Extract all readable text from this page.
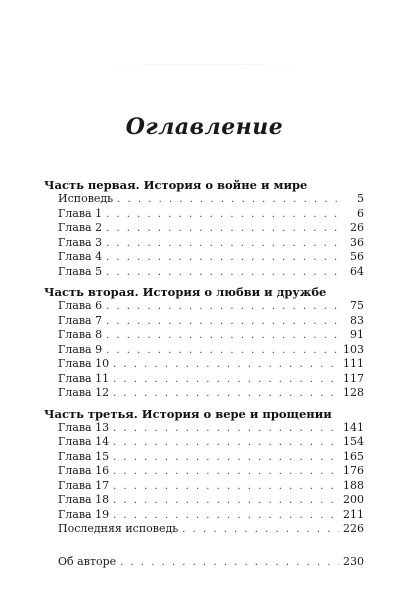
Оглавление
Часть первая. История о войне и мире
Исповедь . . .	5
Глава 1 . . .	6
Глава 2 . . .	26
Глава 3 . . .	36
Глава 4 . . .	56
Глава 5 . . .	64
Часть вторая. История о любви и дружбе
Глава 6 . . .	75
Глава 7 . . .	83
Глава 8 . . .	91
Глава 9 . . .	103
Глава 10 . . .	111
Глава 11 . . .	117
Глава 12 . . .	128
Часть третья. История о вере и прощении
Глава 13 . . .	141
Глава 14 . . .	154
Глава 15 . . .	165
Глава 16 . . .	176
Глава 17 . . .	188
Глава 18 . . .	200
Глава 19 . . .	211
Последняя исповедь . . .	226
Об авторе . . .	230
